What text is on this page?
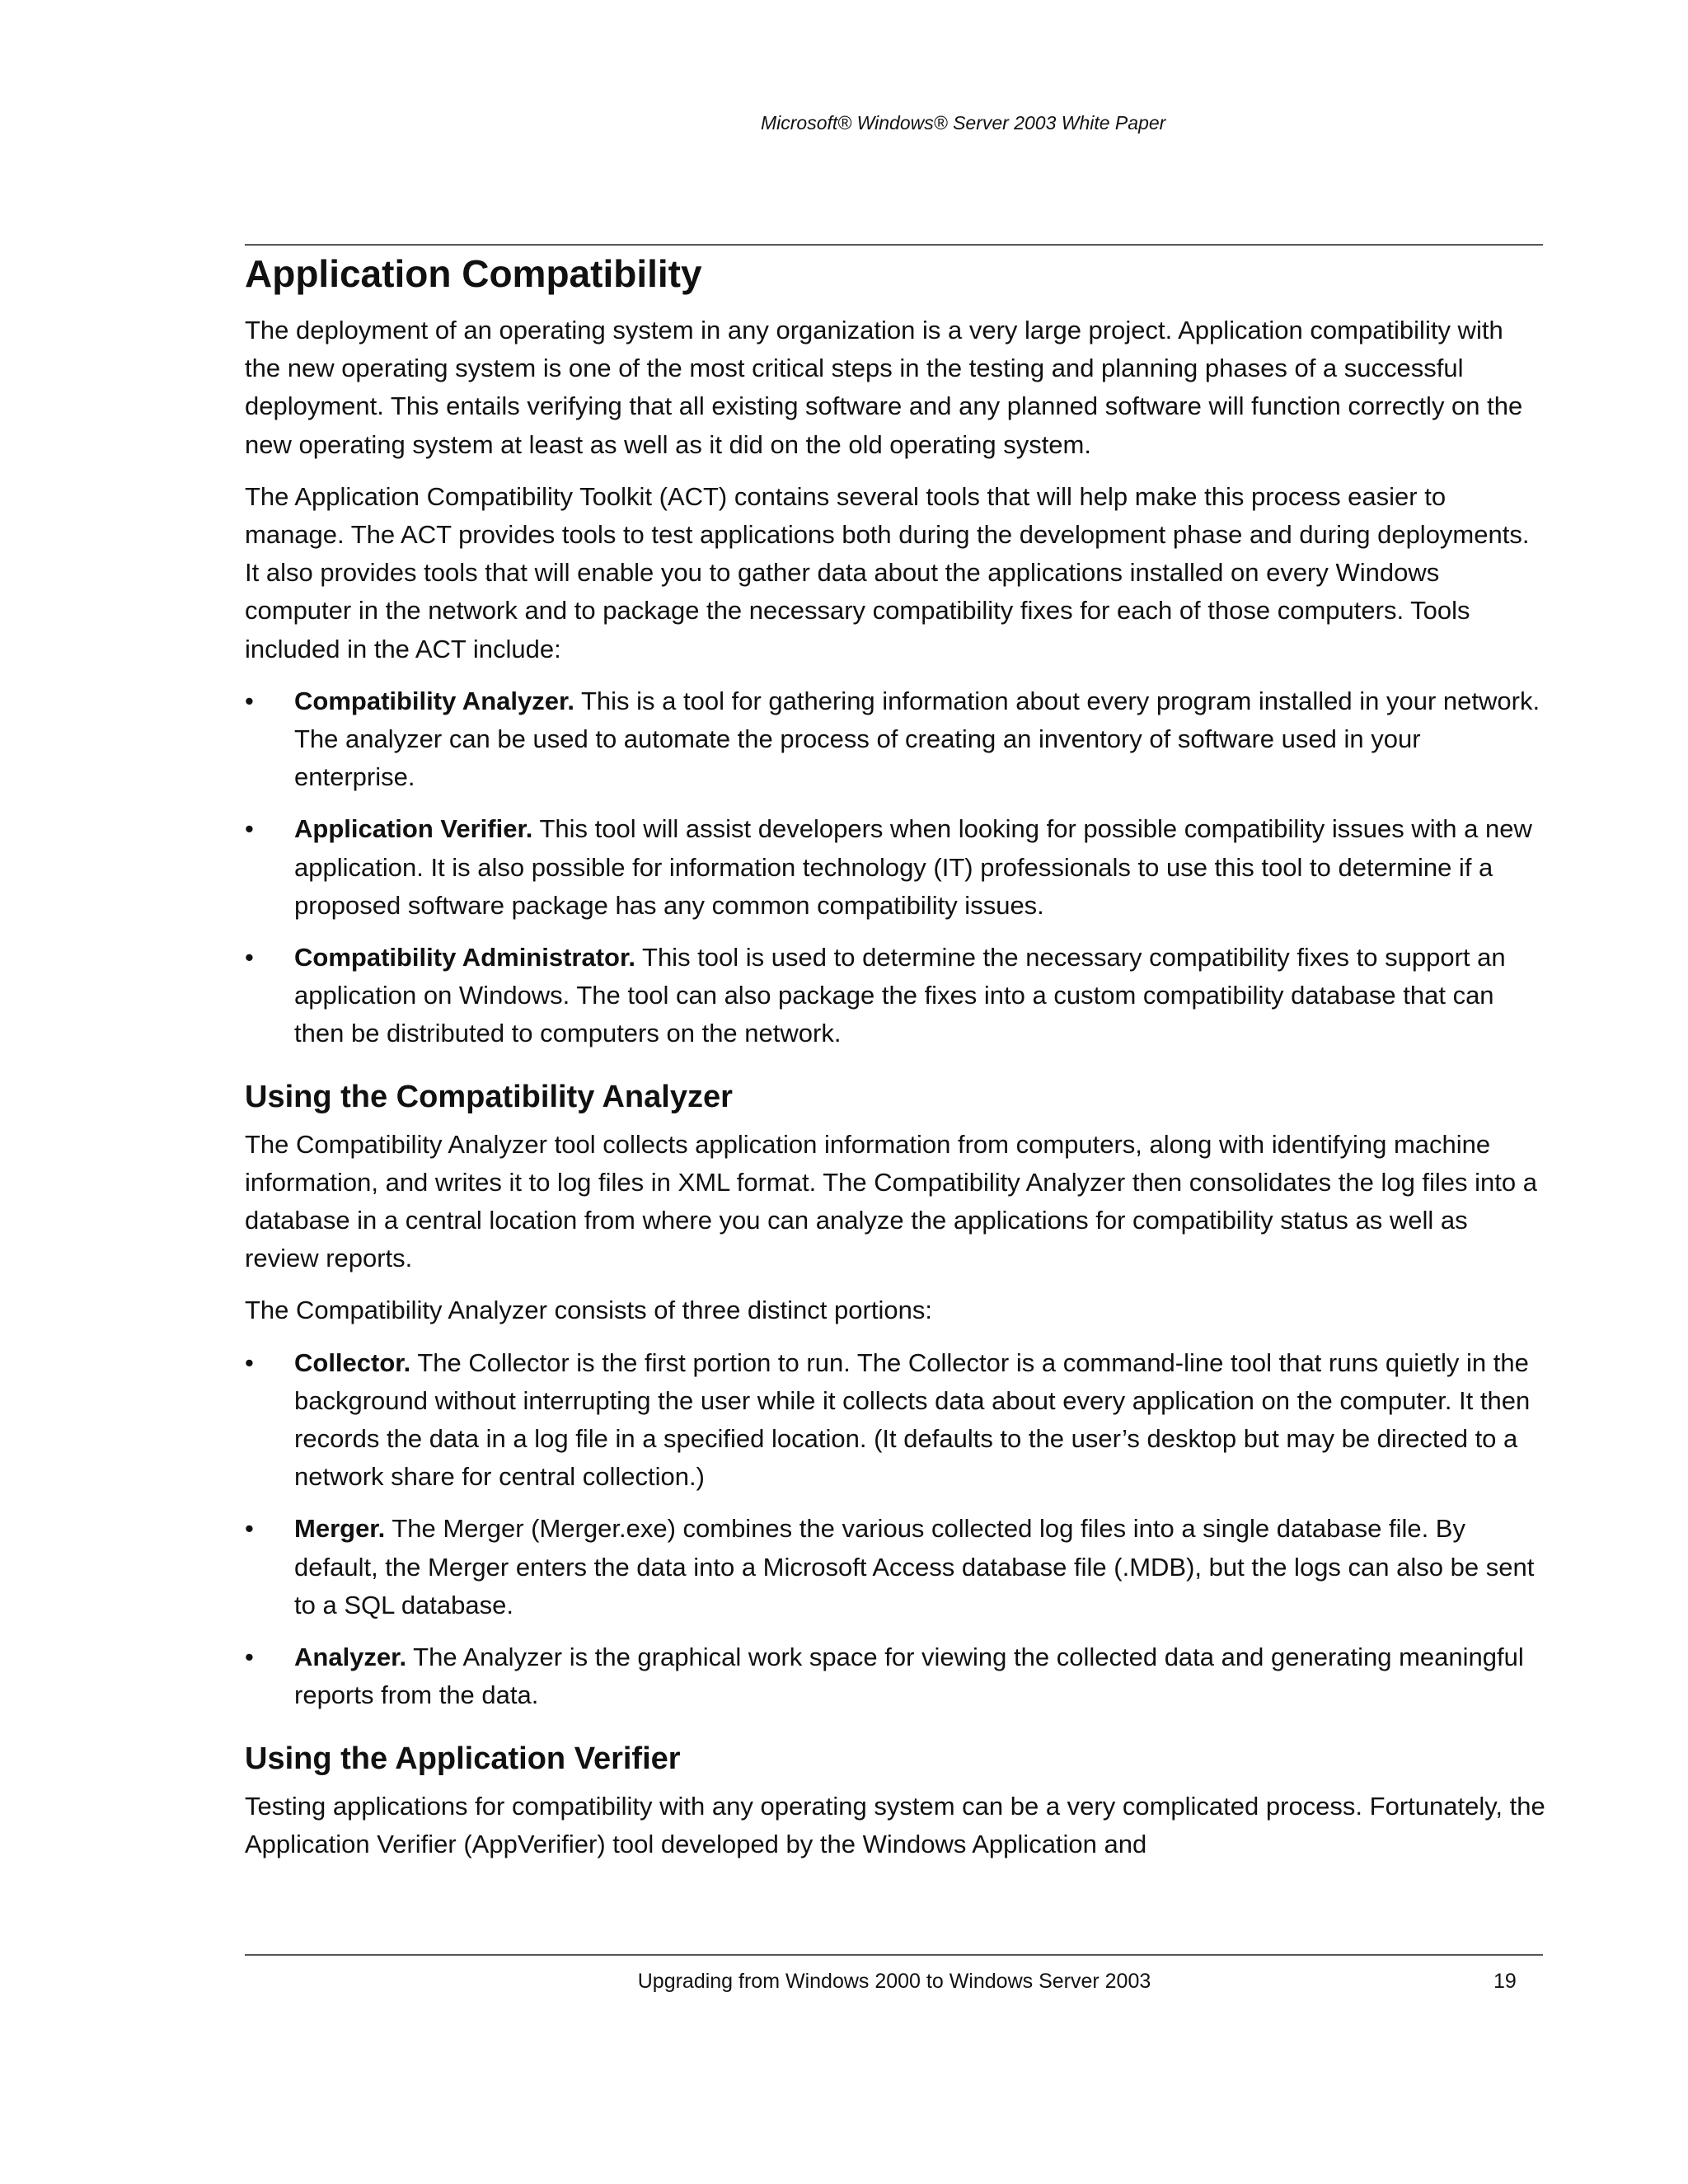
Microsoft® Windows® Server 2003 White Paper
Application Compatibility

The deployment of an operating system in any organization is a very large project. Application compatibility with the new operating system is one of the most critical steps in the testing and planning phases of a successful deployment. This entails verifying that all existing software and any planned software will function correctly on the new operating system at least as well as it did on the old operating system.

The Application Compatibility Toolkit (ACT) contains several tools that will help make this process easier to manage. The ACT provides tools to test applications both during the development phase and during deployments. It also provides tools that will enable you to gather data about the applications installed on every Windows computer in the network and to package the necessary compatibility fixes for each of those computers. Tools included in the ACT include:

• Compatibility Analyzer. This is a tool for gathering information about every program installed in your network. The analyzer can be used to automate the process of creating an inventory of software used in your enterprise.
• Application Verifier. This tool will assist developers when looking for possible compatibility issues with a new application. It is also possible for information technology (IT) professionals to use this tool to determine if a proposed software package has any common compatibility issues.
• Compatibility Administrator. This tool is used to determine the necessary compatibility fixes to support an application on Windows. The tool can also package the fixes into a custom compatibility database that can then be distributed to computers on the network.
Using the Compatibility Analyzer

The Compatibility Analyzer tool collects application information from computers, along with identifying machine information, and writes it to log files in XML format. The Compatibility Analyzer then consolidates the log files into a database in a central location from where you can analyze the applications for compatibility status as well as review reports.

The Compatibility Analyzer consists of three distinct portions:

• Collector. The Collector is the first portion to run. The Collector is a command-line tool that runs quietly in the background without interrupting the user while it collects data about every application on the computer. It then records the data in a log file in a specified location. (It defaults to the user’s desktop but may be directed to a network share for central collection.)
• Merger. The Merger (Merger.exe) combines the various collected log files into a single database file. By default, the Merger enters the data into a Microsoft Access database file (.MDB), but the logs can also be sent to a SQL database.
• Analyzer. The Analyzer is the graphical work space for viewing the collected data and generating meaningful reports from the data.
Using the Application Verifier

Testing applications for compatibility with any operating system can be a very complicated process. Fortunately, the Application Verifier (AppVerifier) tool developed by the Windows Application and

Upgrading from Windows 2000 to Windows Server 2003	19
